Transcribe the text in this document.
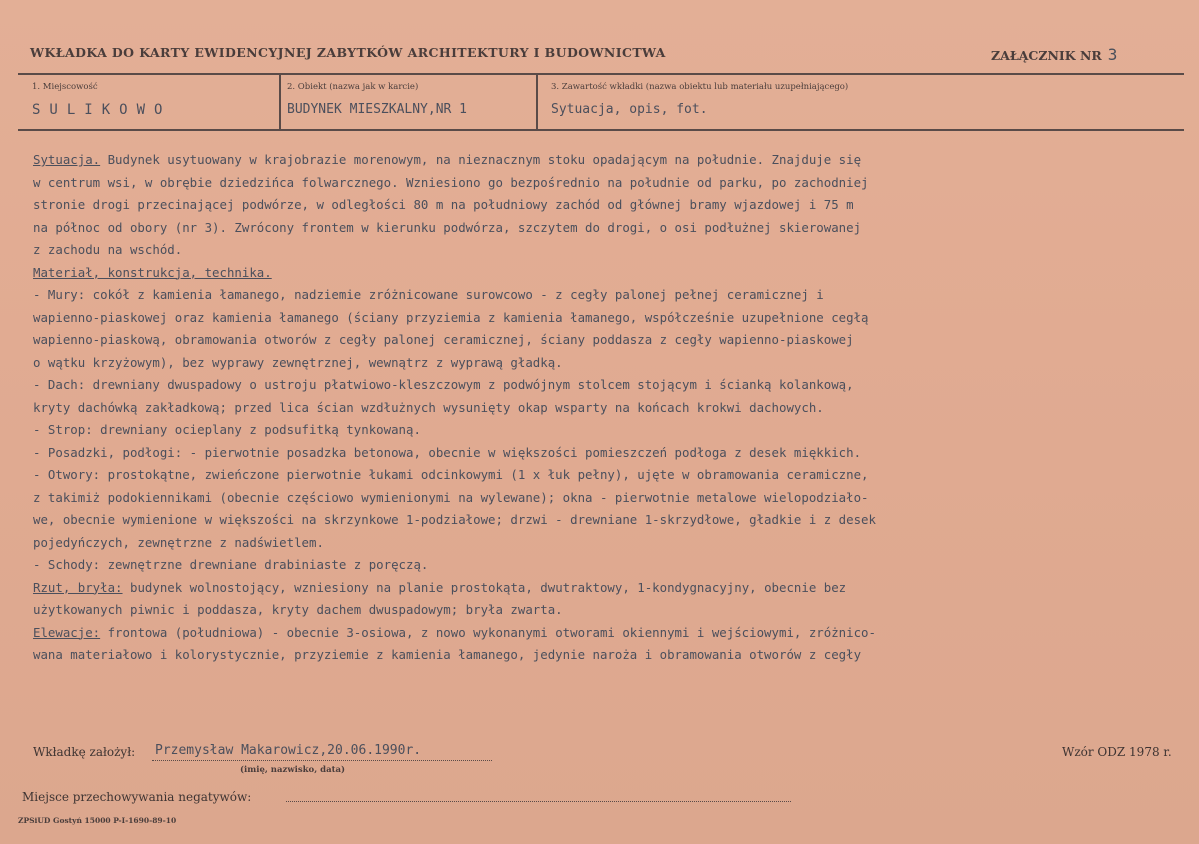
WKŁADKA DO KARTY EWIDENCYJNEJ ZABYTKÓW ARCHITEKTURY I BUDOWNICTWA	ZAŁĄCZNIK NR 3
1. Miejscowość
SULIKOWO
2. Obiekt (nazwa jak w karcie)
BUDYNEK MIESZKALNY,NR 1
3. Zawartość wkładki (nazwa obiektu lub materiału uzupełniającego)
Sytuacja, opis, fot.
Sytuacja. Budynek usytuowany w krajobrazie morenowym, na nieznacznym stoku opadającym na południe. Znajduje się
w centrum wsi, w obrębie dziedzińca folwarcznego. Wzniesiono go bezpośrednio na południe od parku, po zachodniej
stronie drogi przecinającej podwórze, w odległości 80 m na południowy zachód od głównej bramy wjazdowej i 75 m
na północ od obory (nr 3). Zwrócony frontem w kierunku podwórza, szczytem do drogi, o osi podłużnej skierowanej
z zachodu na wschód.
Materiał, konstrukcja, technika.
- Mury: cokół z kamienia łamanego, nadziemie zróżnicowane surowcowo - z cegły palonej pełnej ceramicznej i
wapienno-piaskowej oraz kamienia łamanego (ściany przyziemia z kamienia łamanego, współcześnie uzupełnione cegłą
wapienno-piaskową, obramowania otworów z cegły palonej ceramicznej, ściany poddasza z cegły wapienno-piaskowej
o wątku krzyżowym), bez wyprawy zewnętrznej, wewnątrz z wyprawą gładką.
- Dach: drewniany dwuspadowy o ustroju płatwiowo-kleszczowym z podwójnym stolcem stojącym i ścianką kolankową,
kryty dachówką zakładkową; przed lica ścian wzdłużnych wysunięty okap wsparty na końcach krokwi dachowych.
- Strop: drewniany ocieplany z podsufitką tynkowaną.
- Posadzki, podłogi: - pierwotnie posadzka betonowa, obecnie w większości pomieszczeń podłoga z desek miękkich.
- Otwory: prostokątne, zwieńczone pierwotnie łukami odcinkowymi (1 x łuk pełny), ujęte w obramowania ceramiczne,
z takimiż podokiennikami (obecnie częściowo wymienionymi na wylewane); okna - pierwotnie metalowe wielopodziało-
we, obecnie wymienione w większości na skrzynkowe 1-podziałowe; drzwi - drewniane 1-skrzydłowe, gładkie i z desek
pojedyńczych, zewnętrzne z nadświetlem.
- Schody: zewnętrzne drewniane drabiniaste z poręczą.
Rzut, bryła: budynek wolnostojący, wzniesiony na planie prostokąta, dwutraktowy, 1-kondygnacyjny, obecnie bez
użytkowanych piwnic i poddasza, kryty dachem dwuspadowym; bryła zwarta.
Elewacje: frontowa (południowa) - obecnie 3-osiowa, z nowo wykonanymi otworami okiennymi i wejściowymi, zróżnico-
wana materiałowo i kolorystycznie, przyziemie z kamienia łamanego, jedynie naroża i obramowania otworów z cegły
Wkładkę założył: Przemysław Makarowicz,20.06.1990r.
(imię, nazwisko, data)
Wzór ODZ 1978 r.
Miejsce przechowywania negatywów:
ZPSiUD Gostyń 15000 P-I-1690-89-10
